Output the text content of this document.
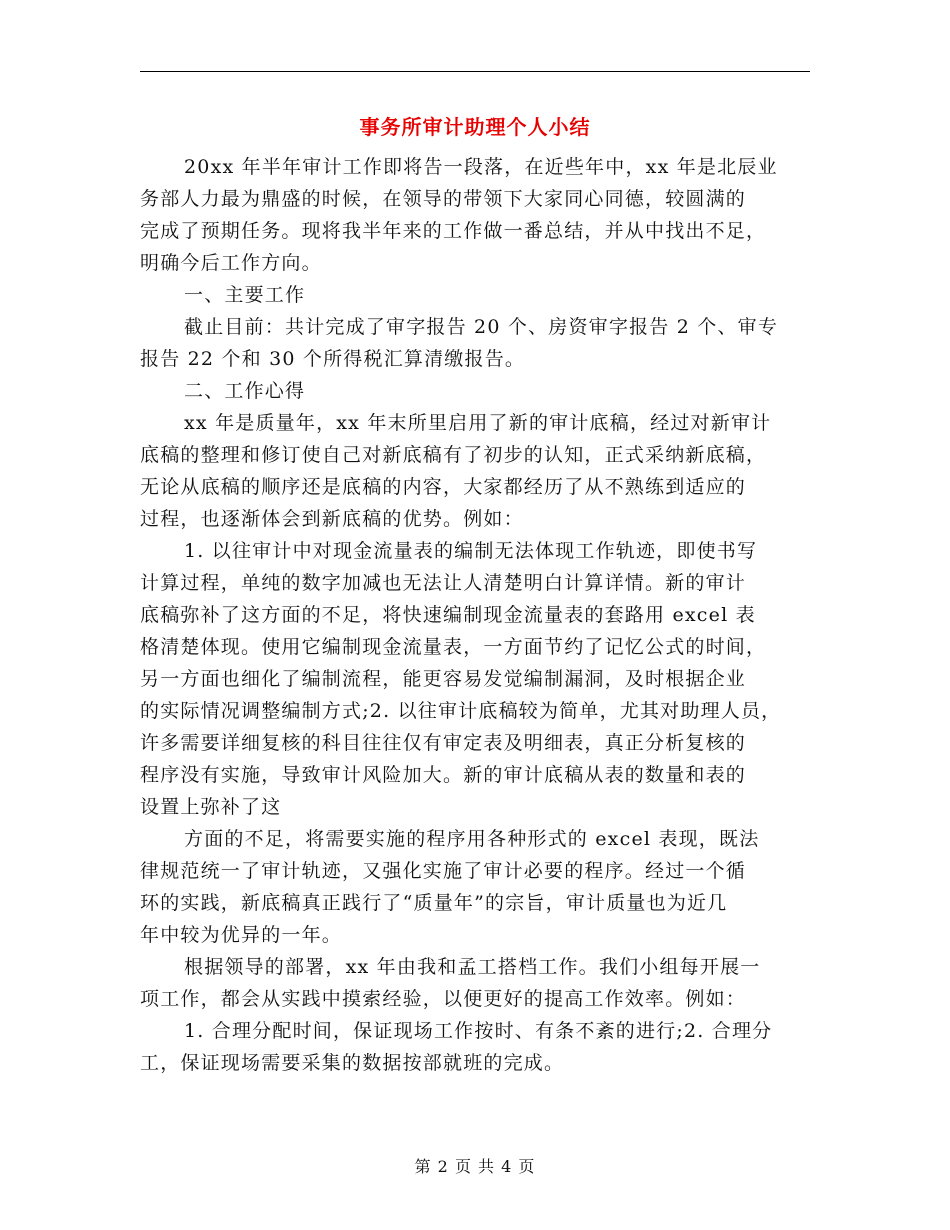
事务所审计助理个人小结
20xx 年半年审计工作即将告一段落，在近些年中，xx 年是北辰业
务部人力最为鼎盛的时候，在领导的带领下大家同心同德，较圆满的
完成了预期任务。现将我半年来的工作做一番总结，并从中找出不足，
明确今后工作方向。
一、主要工作
截止目前：共计完成了审字报告 20 个、房资审字报告 2 个、审专
报告 22 个和 30 个所得税汇算清缴报告。
二、工作心得
xx 年是质量年，xx 年末所里启用了新的审计底稿，经过对新审计
底稿的整理和修订使自己对新底稿有了初步的认知，正式采纳新底稿，
无论从底稿的顺序还是底稿的内容，大家都经历了从不熟练到适应的
过程，也逐渐体会到新底稿的优势。例如：
1. 以往审计中对现金流量表的编制无法体现工作轨迹，即使书写
计算过程，单纯的数字加减也无法让人清楚明白计算详情。新的审计
底稿弥补了这方面的不足，将快速编制现金流量表的套路用 excel 表
格清楚体现。使用它编制现金流量表，一方面节约了记忆公式的时间，
另一方面也细化了编制流程，能更容易发觉编制漏洞，及时根据企业
的实际情况调整编制方式;2. 以往审计底稿较为简单，尤其对助理人员，
许多需要详细复核的科目往往仅有审定表及明细表，真正分析复核的
程序没有实施，导致审计风险加大。新的审计底稿从表的数量和表的
设置上弥补了这
方面的不足，将需要实施的程序用各种形式的 excel 表现，既法
律规范统一了审计轨迹，又强化实施了审计必要的程序。经过一个循
环的实践，新底稿真正践行了“质量年”的宗旨，审计质量也为近几
年中较为优异的一年。
根据领导的部署，xx 年由我和孟工搭档工作。我们小组每开展一
项工作，都会从实践中摸索经验，以便更好的提高工作效率。例如：
1. 合理分配时间，保证现场工作按时、有条不紊的进行;2. 合理分
工，保证现场需要采集的数据按部就班的完成。
第 2 页 共 4 页
